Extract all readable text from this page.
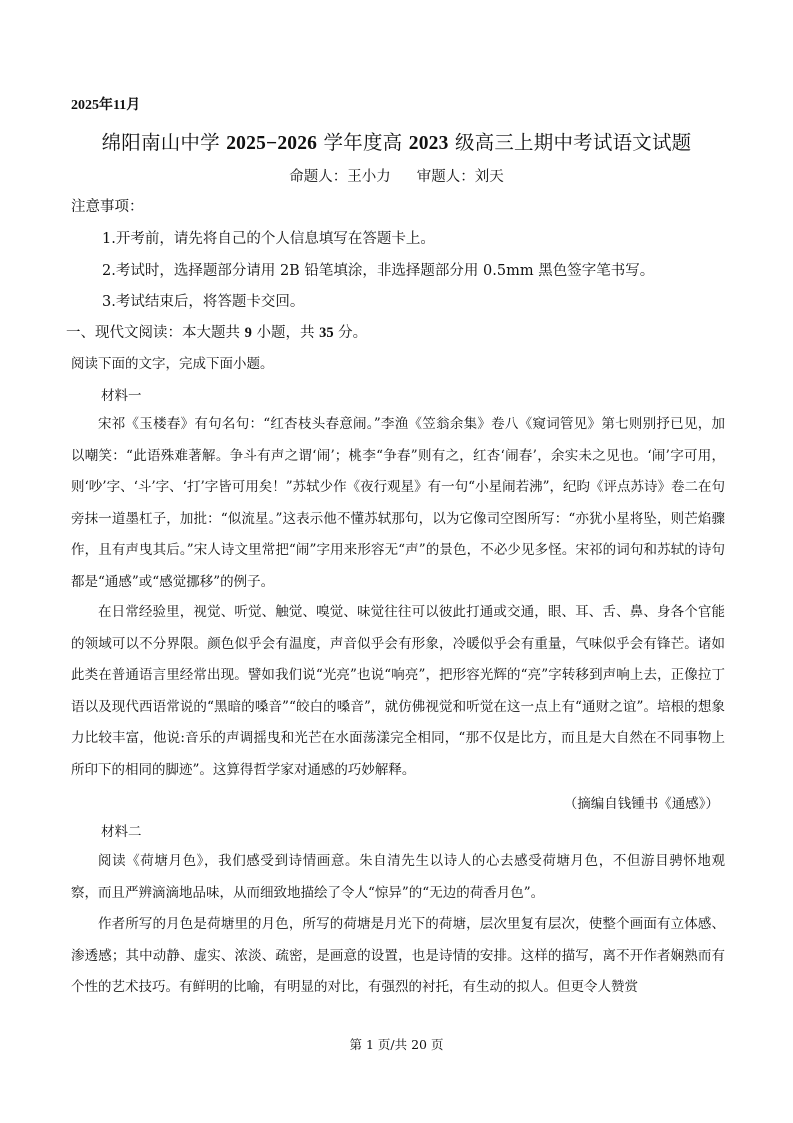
2025年11月
绵阳南山中学 2025−2026 学年度高 2023 级高三上期中考试语文试题
命题人：王小力 审题人：刘天
注意事项：
1.开考前，请先将自己的个人信息填写在答题卡上。
2.考试时，选择题部分请用 2B 铅笔填涂，非选择题部分用 0.5mm 黑色签字笔书写。
3.考试结束后，将答题卡交回。
一、现代文阅读：本大题共 9 小题，共 35 分。
阅读下面的文字，完成下面小题。
材料一

宋祁《玉楼春》有句名句：“红杏枝头春意闹。”李渔《笠翁余集》卷八《窥词管见》第七则别抒已见，加以嘲笑：“此语殊难著解。争斗有声之谓‘闹’；桃李“争春”则有之，红杏‘闹春’，余实未之见也。‘闹’字可用，则‘吵’字、‘斗’字、‘打’字皆可用矣！”苏轼少作《夜行观星》有一句“小星闹若沸”，纪昀《评点苏诗》卷二在句旁抹一道墨杠子，加批：“似流星。”这表示他不懂苏轼那句，以为它像司空图所写：“亦犹小星将坠，则芒焰骤作，且有声曳其后。”宋人诗文里常把“闹”字用来形容无“声”的景色，不必少见多怪。宋祁的词句和苏轼的诗句都是“通感”或“感觉挪移”的例子。

在日常经验里，视觉、听觉、触觉、嗅觉、味觉往往可以彼此打通或交通，眼、耳、舌、鼻、身各个官能的领域可以不分界限。颜色似乎会有温度，声音似乎会有形象，冷暖似乎会有重量，气味似乎会有锋芒。诸如此类在普通语言里经常出现。譬如我们说“光亮”也说“响亮”，把形容光辉的“亮”字转移到声响上去，正像拉丁语以及现代西语常说的“黑暗的嗓音”“皎白的嗓音”，就仿佛视觉和听觉在这一点上有“通财之谊”。培根的想象力比较丰富，他说:音乐的声调摇曳和光芒在水面荡漾完全相同，“那不仅是比方，而且是大自然在不同事物上所印下的相同的脚迹”。这算得哲学家对通感的巧妙解释。

（摘编自钱锺书《通感》）
材料二

阅读《荷塘月色》，我们感受到诗情画意。朱自清先生以诗人的心去感受荷塘月色，不但游目骋怀地观察，而且严辨滴滴地品味，从而细致地描绘了令人“惊异”的“无边的荷香月色”。

作者所写的月色是荷塘里的月色，所写的荷塘是月光下的荷塘，层次里复有层次，使整个画面有立体感、渗透感；其中动静、虚实、浓淡、疏密，是画意的设置，也是诗情的安排。这样的描写，离不开作者娴熟而有个性的艺术技巧。有鲜明的比喻，有明显的对比，有强烈的衬托，有生动的拟人。但更令人赞赏

第 1 页/共 20 页
